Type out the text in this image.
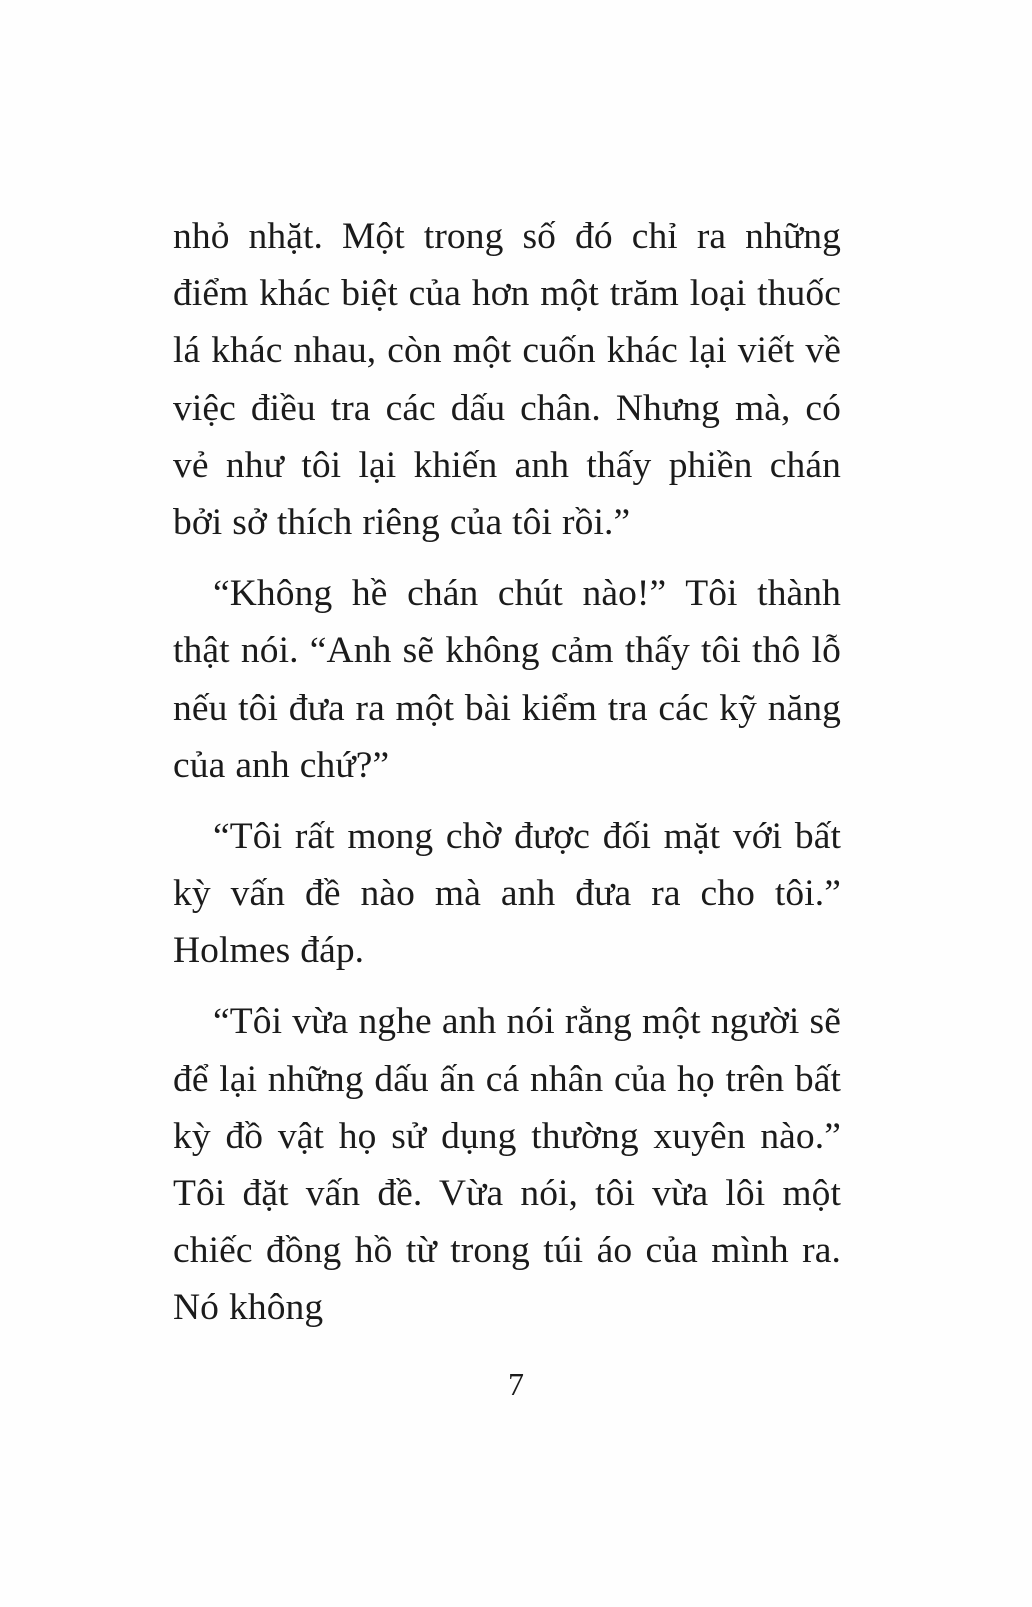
nhỏ nhặt. Một trong số đó chỉ ra những điểm khác biệt của hơn một trăm loại thuốc lá khác nhau, còn một cuốn khác lại viết về việc điều tra các dấu chân. Nhưng mà, có vẻ như tôi lại khiến anh thấy phiền chán bởi sở thích riêng của tôi rồi.”

“Không hề chán chút nào!” Tôi thành thật nói. “Anh sẽ không cảm thấy tôi thô lỗ nếu tôi đưa ra một bài kiểm tra các kỹ năng của anh chứ?”

“Tôi rất mong chờ được đối mặt với bất kỳ vấn đề nào mà anh đưa ra cho tôi.” Holmes đáp.

“Tôi vừa nghe anh nói rằng một người sẽ để lại những dấu ấn cá nhân của họ trên bất kỳ đồ vật họ sử dụng thường xuyên nào.” Tôi đặt vấn đề. Vừa nói, tôi vừa lôi một chiếc đồng hồ từ trong túi áo của mình ra. Nó không

7
